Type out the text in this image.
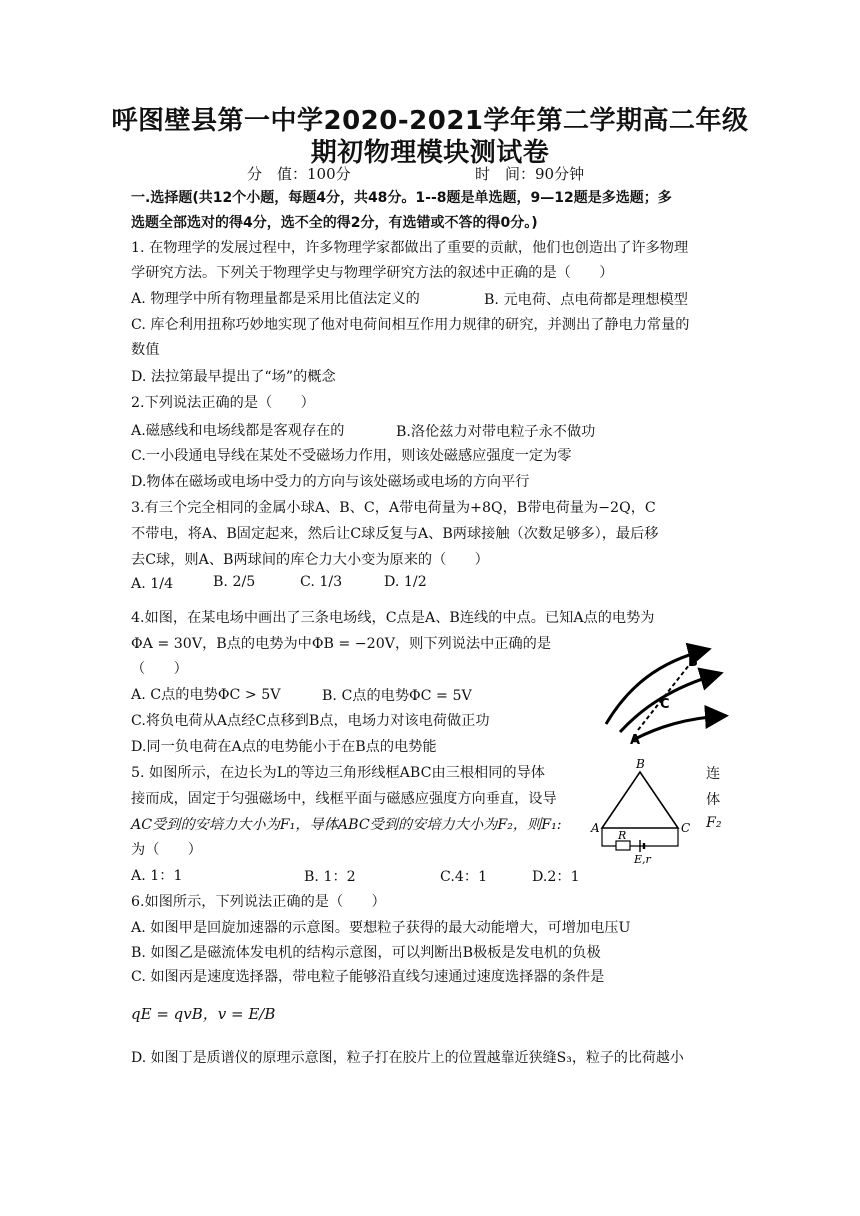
呼图壁县第一中学2020-2021学年第二学期高二年级
期初物理模块测试卷
分　值：100分	时　间：90分钟
一.选择题(共12个小题，每题4分，共48分。1--8题是单选题，9—12题是多选题；多
选题全部选对的得4分，选不全的得2分，有选错或不答的得0分。)
1. 在物理学的发展过程中，许多物理学家都做出了重要的贡献，他们也创造出了许多物理
学研究方法。下列关于物理学史与物理学研究方法的叙述中正确的是（　　）
A. 物理学中所有物理量都是采用比值法定义的	B. 元电荷、点电荷都是理想模型
C. 库仑利用扭称巧妙地实现了他对电荷间相互作用力规律的研究，并测出了静电力常量的
数值
D. 法拉第最早提出了“场”的概念
2.下列说法正确的是（　　）
A.磁感线和电场线都是客观存在的	B.洛伦兹力对带电粒子永不做功
C.一小段通电导线在某处不受磁场力作用，则该处磁感应强度一定为零
D.物体在磁场或电场中受力的方向与该处磁场或电场的方向平行
3.有三个完全相同的金属小球A、B、C，A带电荷量为+8Q，B带电荷量为−2Q，C
不带电，将A、B固定起来，然后让C球反复与A、B两球接触（次数足够多），最后移
去C球，则A、B两球间的库仑力大小变为原来的（　　）
A. 1/4	B. 2/5	C. 1/3	D. 1/2
4.如图，在某电场中画出了三条电场线，C点是A、B连线的中点。已知A点的电势为
ΦA = 30V，B点的电势为中ΦB = −20V，则下列说法中正确的是
（　　）
A. C点的电势ΦC > 5V	B. C点的电势ΦC = 5V
C.将负电荷从A点经C点移到B点，电场力对该电荷做正功
D.同一负电荷在A点的电势能小于在B点的电势能	A
B
C
5. 如图所示，在边长为L的等边三角形线框ABC由三根相同的导体	连
接而成，固定于匀强磁场中，线框平面与磁感应强度方向垂直，设导	体
AC受到的安培力大小为F₁，导体ABC受到的安培力大小为F₂，则F₁:	F₂
为（　　）
A. 1：1	B. 1：2	C.4：1	D.2：1
B
A	C
R
E,r
6.如图所示，下列说法正确的是（　　）
A. 如图甲是回旋加速器的示意图。要想粒子获得的最大动能增大，可增加电压U
B. 如图乙是磁流体发电机的结构示意图，可以判断出B极板是发电机的负极
C. 如图丙是速度选择器，带电粒子能够沿直线匀速通过速度选择器的条件是
qE = qvB，v = E/B
D. 如图丁是质谱仪的原理示意图，粒子打在胶片上的位置越靠近狭缝S₃，粒子的比荷越小
